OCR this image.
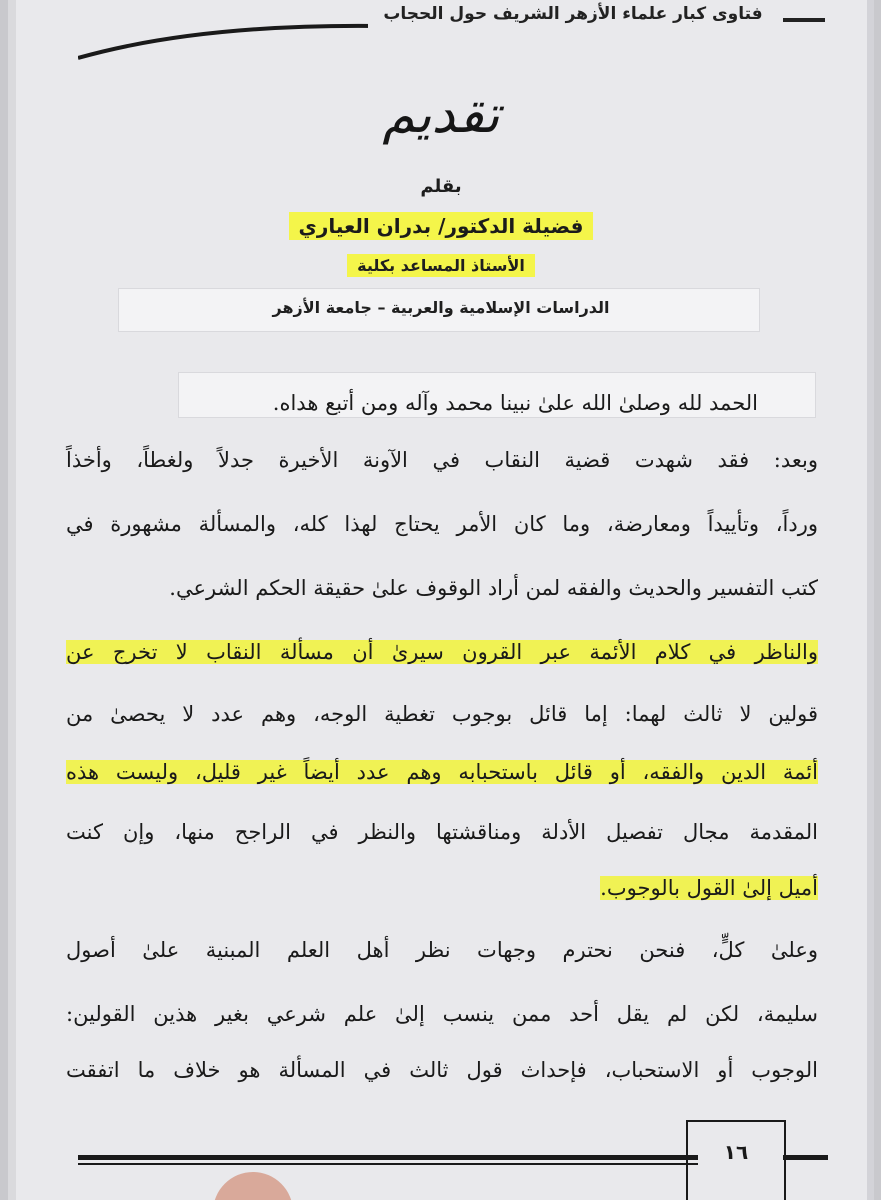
فتاوى كبار علماء الأزهر الشريف حول الحجاب
تقديم
بقلم
فضيلة الدكتور/ بدران العياري
الأستاذ المساعد بكلية
الدراسات الإسلامية والعربية – جامعة الأزهر
الحمد لله وصلىٰ الله علىٰ نبينا محمد وآله ومن أتبع هداه.
وبعد: فقد شهدت قضية النقاب في الآونة الأخيرة جدلاً ولغطاً، وأخذاً
ورداً، وتأييداً ومعارضة، وما كان الأمر يحتاج لهذا كله، والمسألة مشهورة في
كتب التفسير والحديث والفقه لمن أراد الوقوف علىٰ حقيقة الحكم الشرعي.
والناظر في كلام الأئمة عبر القرون سيرىٰ أن مسألة النقاب لا تخرج عن
قولين لا ثالث لهما: إما قائل بوجوب تغطية الوجه، وهم عدد لا يحصىٰ من
أئمة الدين والفقه، أو قائل باستحبابه وهم عدد أيضاً غير قليل، وليست هذه
المقدمة مجال تفصيل الأدلة ومناقشتها والنظر في الراجح منها، وإن كنت
أميل إلىٰ القول بالوجوب.
وعلىٰ كلٍّ، فنحن نحترم وجهات نظر أهل العلم المبنية علىٰ أصول
سليمة، لكن لم يقل أحد ممن ينسب إلىٰ علم شرعي بغير هذين القولين:
الوجوب أو الاستحباب، فإحداث قول ثالث في المسألة هو خلاف ما اتفقت
١٦
